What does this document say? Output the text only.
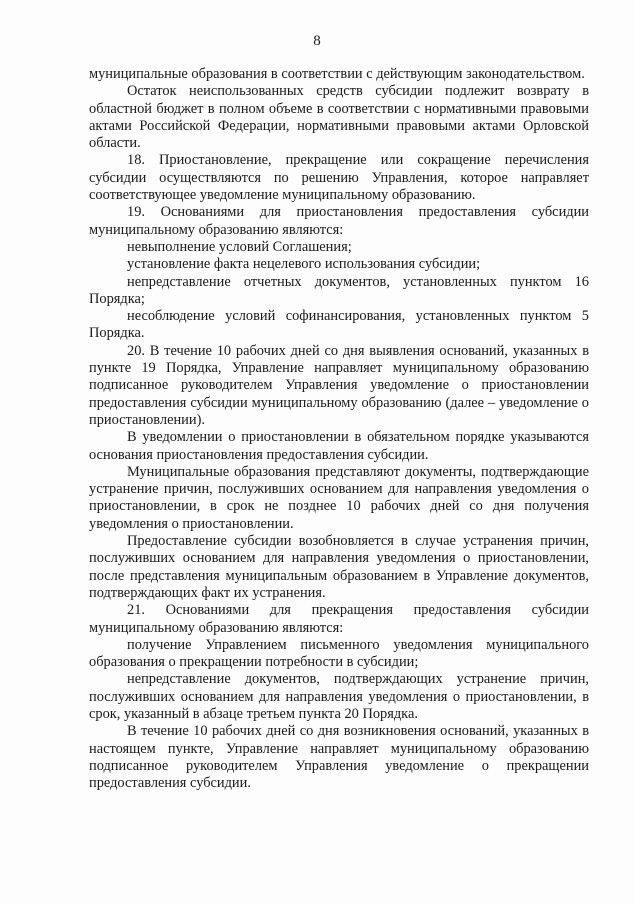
8

муниципальные образования в соответствии с действующим законодательством.

Остаток неиспользованных средств субсидии подлежит возврату в областной бюджет в полном объеме в соответствии с нормативными правовыми актами Российской Федерации, нормативными правовыми актами Орловской области.

18. Приостановление, прекращение или сокращение перечисления субсидии осуществляются по решению Управления, которое направляет соответствующее уведомление муниципальному образованию.

19. Основаниями для приостановления предоставления субсидии муниципальному образованию являются:

невыполнение условий Соглашения;

установление факта нецелевого использования субсидии;

непредставление отчетных документов, установленных пунктом 16 Порядка;

несоблюдение условий софинансирования, установленных пунктом 5 Порядка.

20. В течение 10 рабочих дней со дня выявления оснований, указанных в пункте 19 Порядка, Управление направляет муниципальному образованию подписанное руководителем Управления уведомление о приостановлении предоставления субсидии муниципальному образованию (далее – уведомление о приостановлении).

В уведомлении о приостановлении в обязательном порядке указываются основания приостановления предоставления субсидии.

Муниципальные образования представляют документы, подтверждающие устранение причин, послуживших основанием для направления уведомления о приостановлении, в срок не позднее 10 рабочих дней со дня получения уведомления о приостановлении.

Предоставление субсидии возобновляется в случае устранения причин, послуживших основанием для направления уведомления о приостановлении, после представления муниципальным образованием в Управление документов, подтверждающих факт их устранения.

21. Основаниями для прекращения предоставления субсидии муниципальному образованию являются:

получение Управлением письменного уведомления муниципального образования о прекращении потребности в субсидии;

непредставление документов, подтверждающих устранение причин, послуживших основанием для направления уведомления о приостановлении, в срок, указанный в абзаце третьем пункта 20 Порядка.

В течение 10 рабочих дней со дня возникновения оснований, указанных в настоящем пункте, Управление направляет муниципальному образованию подписанное руководителем Управления уведомление о прекращении предоставления субсидии.
